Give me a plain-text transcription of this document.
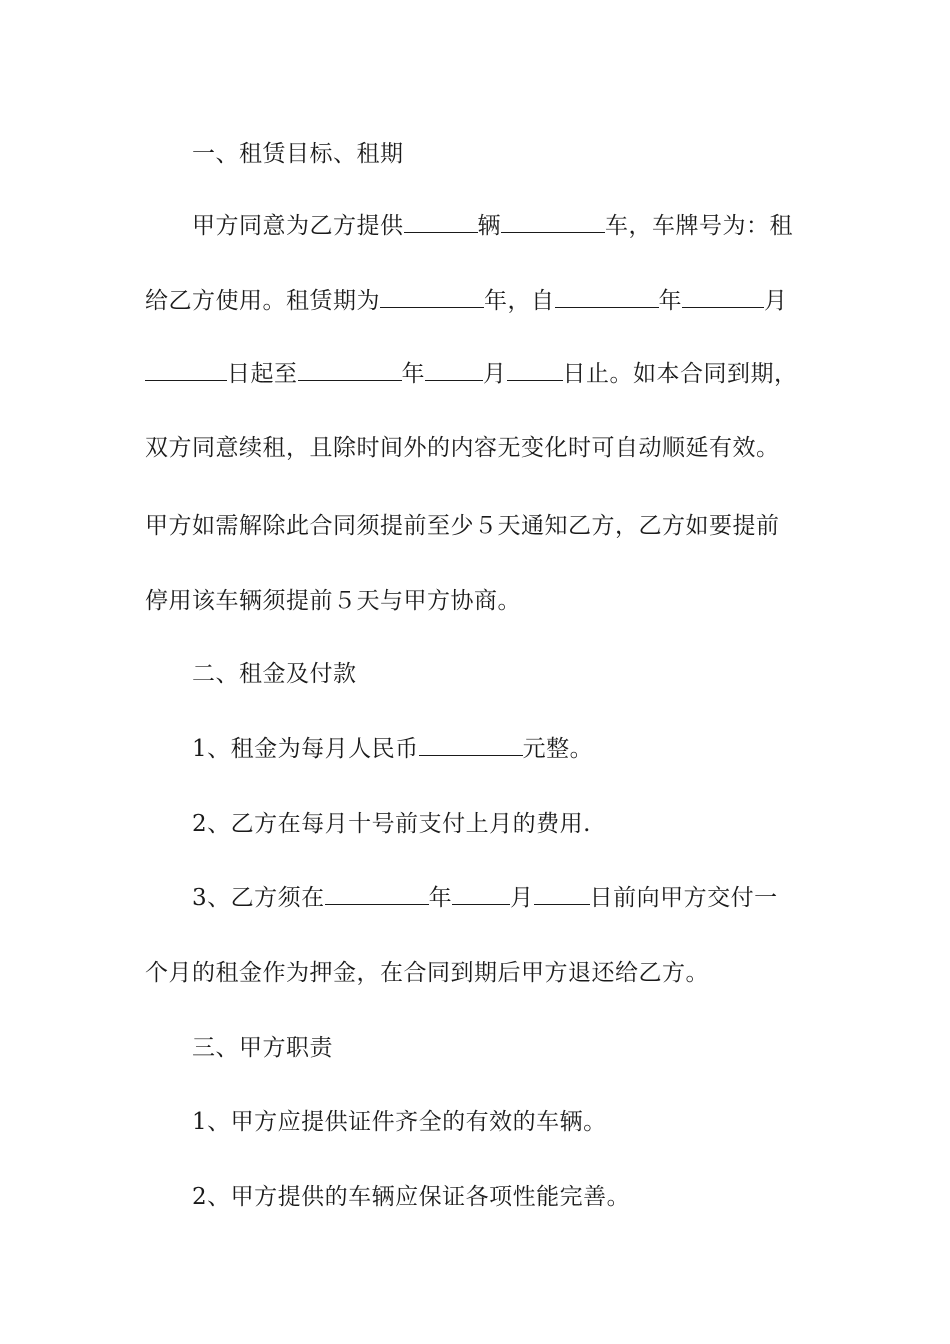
一、租赁目标、租期
甲方同意为乙方提供	辆	车，车牌号为：租
给乙方使用。租赁期为	年，自	年	月
日起至	年	月 日止。如本合同到期，
双方同意续租，且除时间外的内容无变化时可自动顺延有效。
甲方如需解除此合同须提前至少５天通知乙方，乙方如要提前
停用该车辆须提前５天与甲方协商。
二、租金及付款
1、租金为每月人民币	元整。
2、乙方在每月十号前支付上月的费用.
3、乙方须在	年	月 日前向甲方交付一
个月的租金作为押金，在合同到期后甲方退还给乙方。
三、甲方职责
1、甲方应提供证件齐全的有效的车辆。
2、甲方提供的车辆应保证各项性能完善。
